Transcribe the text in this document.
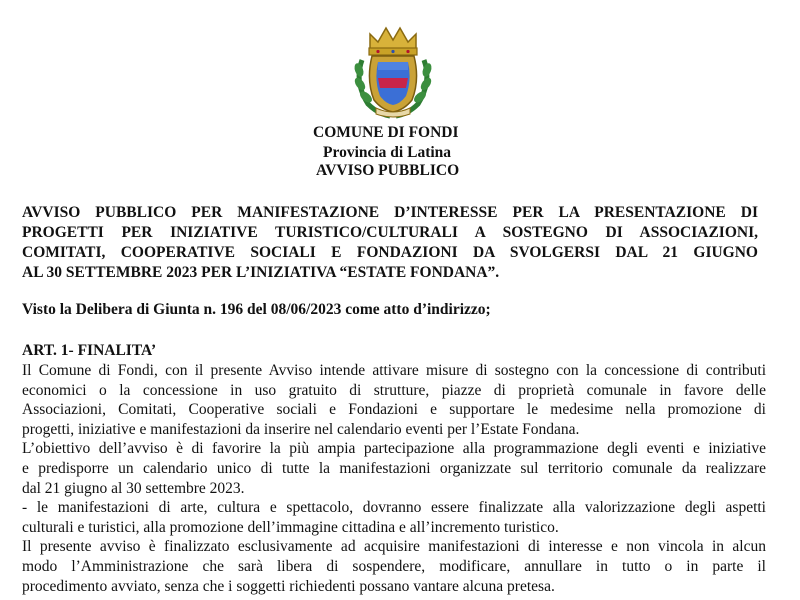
COMUNE DI FONDI

Provincia di Latina

AVVISO PUBBLICO

AVVISO PUBBLICO PER MANIFESTAZIONE D’INTERESSE PER LA PRESENTAZIONE DI
PROGETTI PER INIZIATIVE TURISTICO/CULTURALI A SOSTEGNO DI ASSOCIAZIONI,
COMITATI, COOPERATIVE SOCIALI E FONDAZIONI DA SVOLGERSI DAL 21 GIUGNO
AL 30 SETTEMBRE 2023 PER L’INIZIATIVA “ESTATE FONDANA”.

Visto la Delibera di Giunta n. 196 del 08/06/2023 come atto d’indirizzo;

ART. 1- FINALITA’

Il Comune di Fondi, con il presente Avviso intende attivare misure di sostegno con la concessione di contributi
economici o la concessione in uso gratuito di strutture, piazze di proprietà comunale in favore delle
Associazioni, Comitati, Cooperative sociali e Fondazioni e supportare le medesime nella promozione di
progetti, iniziative e manifestazioni da inserire nel calendario eventi per l’Estate Fondana.
L’obiettivo dell’avviso è di favorire la più ampia partecipazione alla programmazione degli eventi e iniziative
e predisporre un calendario unico di tutte la manifestazioni organizzate sul territorio comunale da realizzare
dal 21 giugno al 30 settembre 2023.
- le manifestazioni di arte, cultura e spettacolo, dovranno essere finalizzate alla valorizzazione degli aspetti
culturali e turistici, alla promozione dell’immagine cittadina e all’incremento turistico.
Il presente avviso è finalizzato esclusivamente ad acquisire manifestazioni di interesse e non vincola in alcun
modo l’Amministrazione che sarà libera di sospendere, modificare, annullare in tutto o in parte il
procedimento avviato, senza che i soggetti richiedenti possano vantare alcuna pretesa.
